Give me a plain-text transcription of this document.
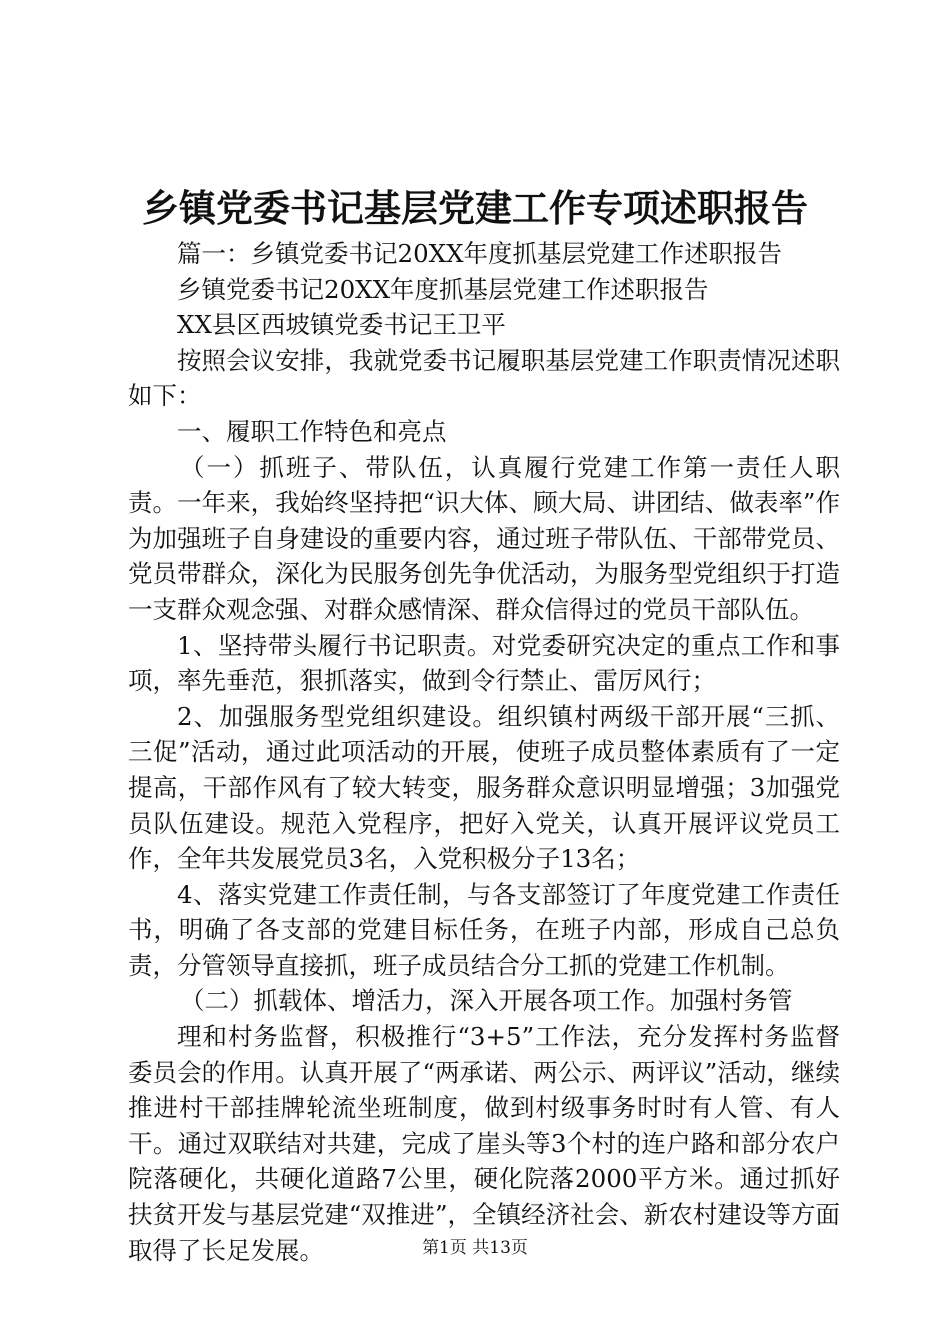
乡镇党委书记基层党建工作专项述职报告

篇一：乡镇党委书记20XX年度抓基层党建工作述职报告

乡镇党委书记20XX年度抓基层党建工作述职报告

XX县区西坡镇党委书记王卫平

按照会议安排，我就党委书记履职基层党建工作职责情况述职如下：

一、履职工作特色和亮点

（一）抓班子、带队伍，认真履行党建工作第一责任人职责。一年来，我始终坚持把“识大体、顾大局、讲团结、做表率”作为加强班子自身建设的重要内容，通过班子带队伍、干部带党员、党员带群众，深化为民服务创先争优活动，为服务型党组织于打造一支群众观念强、对群众感情深、群众信得过的党员干部队伍。

1、坚持带头履行书记职责。对党委研究决定的重点工作和事项，率先垂范，狠抓落实，做到令行禁止、雷厉风行；

2、加强服务型党组织建设。组织镇村两级干部开展“三抓、三促”活动，通过此项活动的开展，使班子成员整体素质有了一定提高，干部作风有了较大转变，服务群众意识明显增强；3加强党员队伍建设。规范入党程序，把好入党关，认真开展评议党员工作，全年共发展党员3名，入党积极分子13名；

4、落实党建工作责任制，与各支部签订了年度党建工作责任书，明确了各支部的党建目标任务，在班子内部，形成自己总负责，分管领导直接抓，班子成员结合分工抓的党建工作机制。

（二）抓载体、增活力，深入开展各项工作。加强村务管

理和村务监督，积极推行“3+5”工作法，充分发挥村务监督委员会的作用。认真开展了“两承诺、两公示、两评议”活动，继续推进村干部挂牌轮流坐班制度，做到村级事务时时有人管、有人干。通过双联结对共建，完成了崖头等3个村的连户路和部分农户院落硬化，共硬化道路7公里，硬化院落2000平方米。通过抓好扶贫开发与基层党建“双推进”，全镇经济社会、新农村建设等方面取得了长足发展。	第1页 共13页
